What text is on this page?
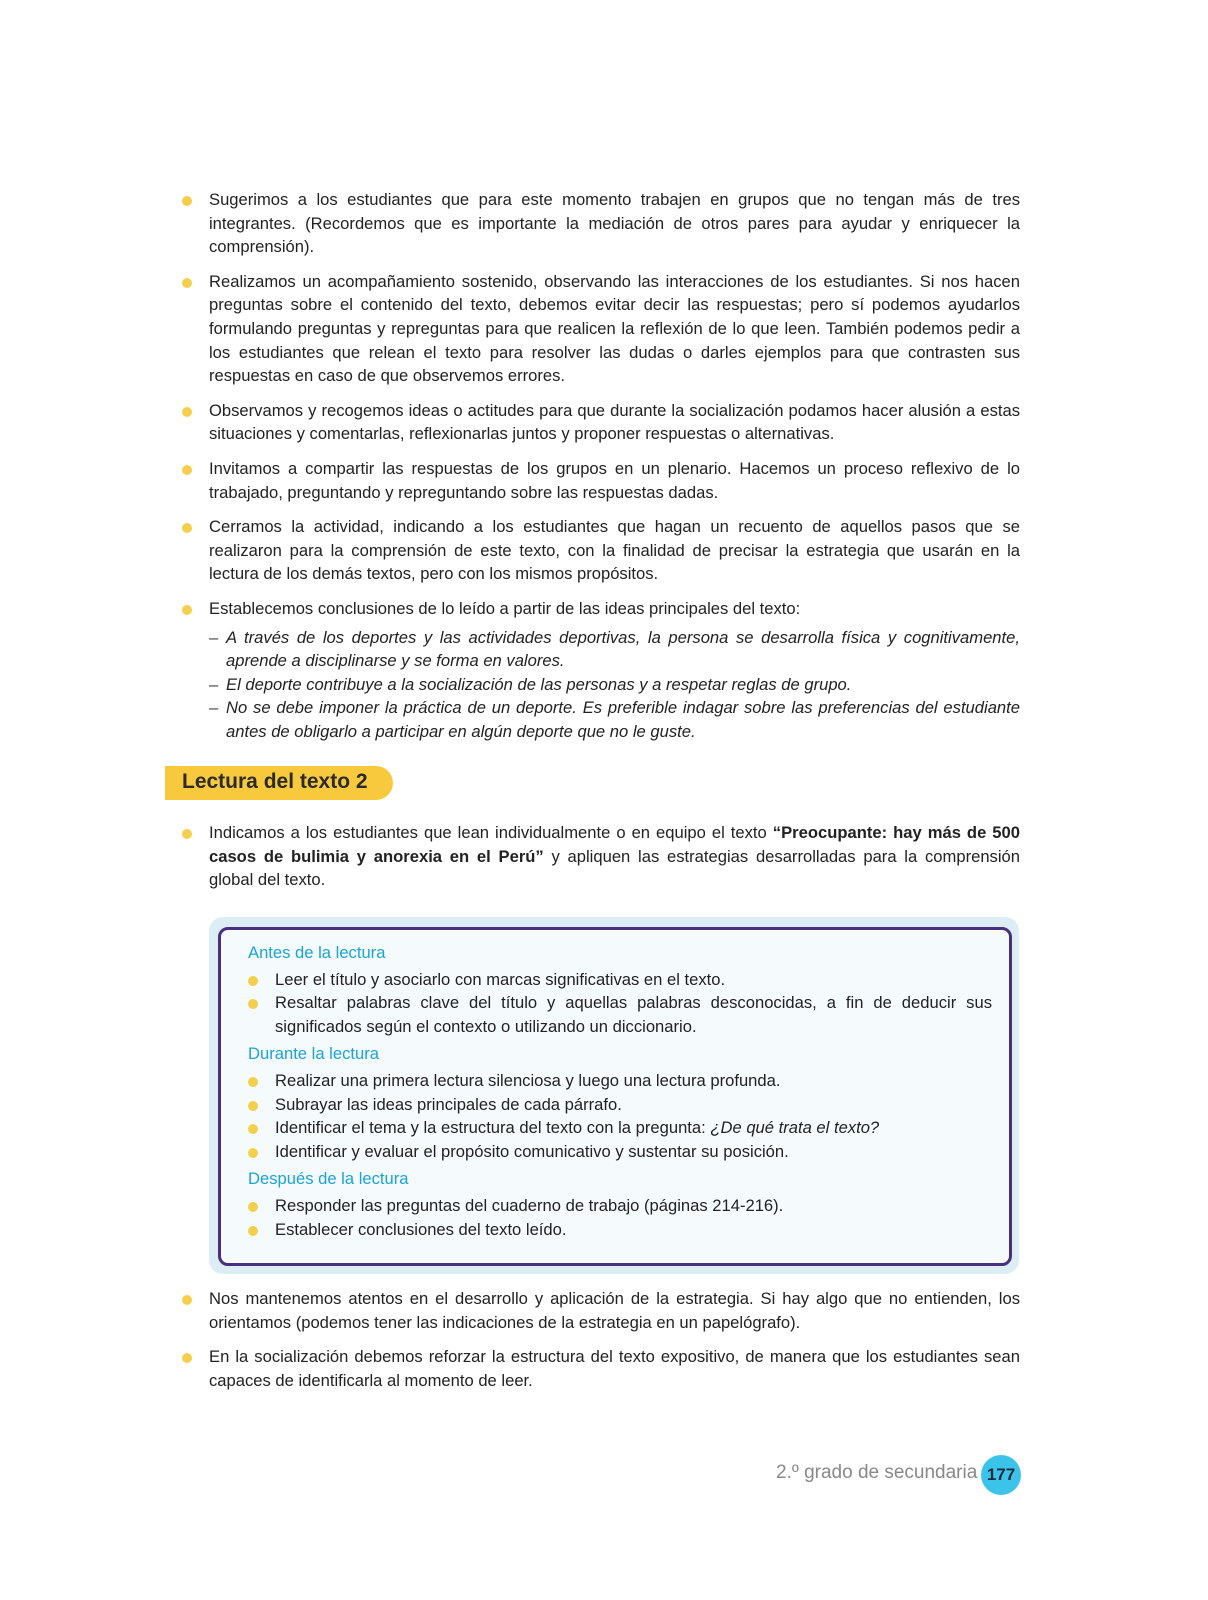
Sugerimos a los estudiantes que para este momento trabajen en grupos que no tengan más de tres integrantes. (Recordemos que es importante la mediación de otros pares para ayudar y enriquecer la comprensión).
Realizamos un acompañamiento sostenido, observando las interacciones de los estudiantes. Si nos hacen preguntas sobre el contenido del texto, debemos evitar decir las respuestas; pero sí podemos ayudarlos formulando preguntas y repreguntas para que realicen la reflexión de lo que leen. También podemos pedir a los estudiantes que relean el texto para resolver las dudas o darles ejemplos para que contrasten sus respuestas en caso de que observemos errores.
Observamos y recogemos ideas o actitudes para que durante la socialización podamos hacer alusión a estas situaciones y comentarlas, reflexionarlas juntos y proponer respuestas o alternativas.
Invitamos a compartir las respuestas de los grupos en un plenario. Hacemos un proceso reflexivo de lo trabajado, preguntando y repreguntando sobre las respuestas dadas.
Cerramos la actividad, indicando a los estudiantes que hagan un recuento de aquellos pasos que se realizaron para la comprensión de este texto, con la finalidad de precisar la estrategia que usarán en la lectura de los demás textos, pero con los mismos propósitos.
Establecemos conclusiones de lo leído a partir de las ideas principales del texto:
– A través de los deportes y las actividades deportivas, la persona se desarrolla física y cognitivamente, aprende a disciplinarse y se forma en valores.
– El deporte contribuye a la socialización de las personas y a respetar reglas de grupo.
– No se debe imponer la práctica de un deporte. Es preferible indagar sobre las preferencias del estudiante antes de obligarlo a participar en algún deporte que no le guste.
Lectura del texto 2
Indicamos a los estudiantes que lean individualmente o en equipo el texto “Preocupante: hay más de 500 casos de bulimia y anorexia en el Perú” y apliquen las estrategias desarrolladas para la comprensión global del texto.

Antes de la lectura

Leer el título y asociarlo con marcas significativas en el texto.
Resaltar palabras clave del título y aquellas palabras desconocidas, a fin de deducir sus significados según el contexto o utilizando un diccionario.

Durante la lectura

Realizar una primera lectura silenciosa y luego una lectura profunda.
Subrayar las ideas principales de cada párrafo.
Identificar el tema y la estructura del texto con la pregunta: ¿De qué trata el texto?
Identificar y evaluar el propósito comunicativo y sustentar su posición.

Después de la lectura

Responder las preguntas del cuaderno de trabajo (páginas 214-216).
Establecer conclusiones del texto leído.
Nos mantenemos atentos en el desarrollo y aplicación de la estrategia. Si hay algo que no entienden, los orientamos (podemos tener las indicaciones de la estrategia en un papelógrafo).
En la socialización debemos reforzar la estructura del texto expositivo, de manera que los estudiantes sean capaces de identificarla al momento de leer.
2.º grado de secundaria 177
